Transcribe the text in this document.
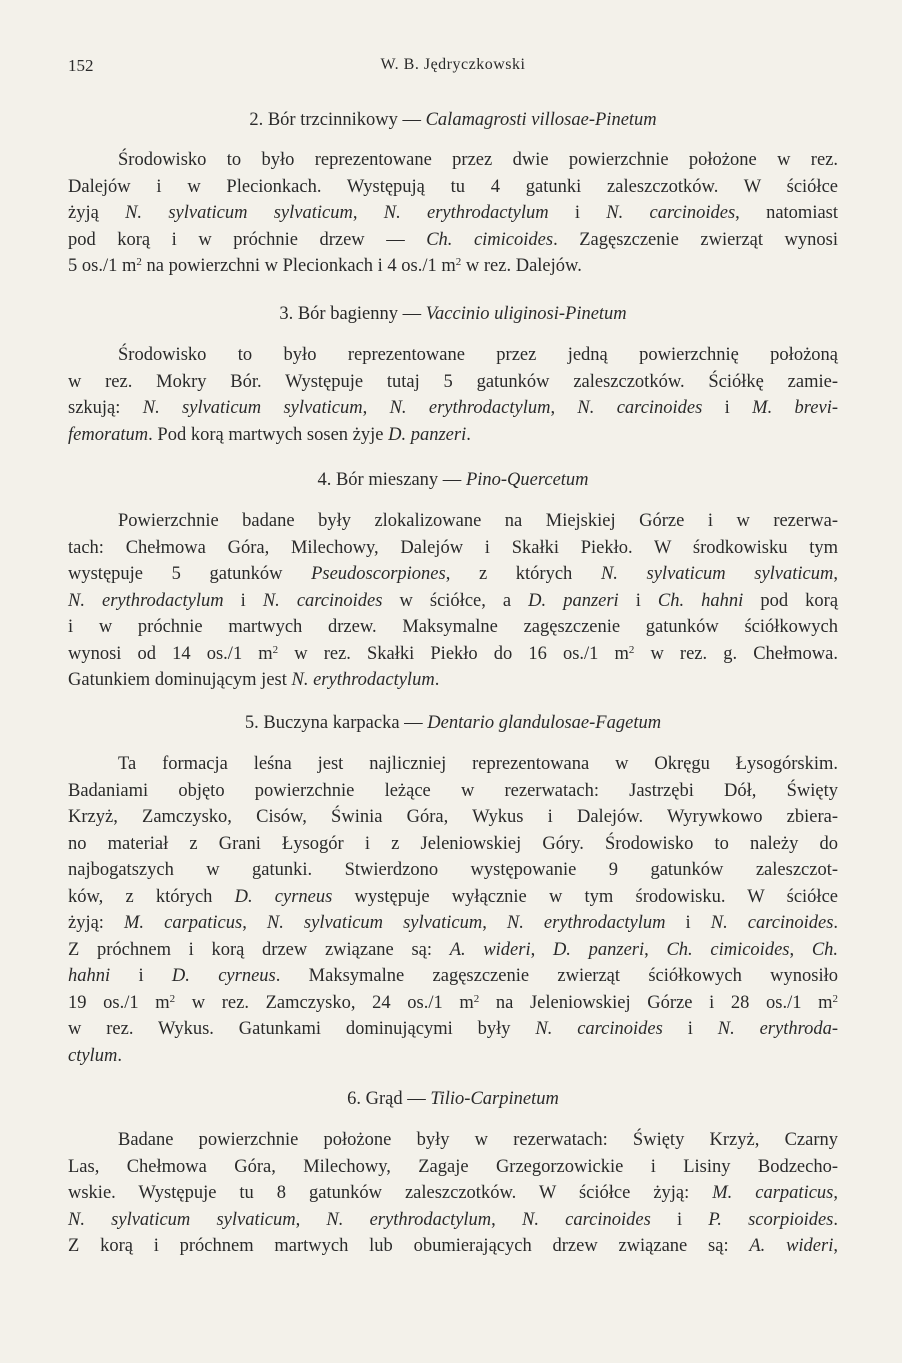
152	W. B. Jędryczkowski
2. Bór trzcinnikowy — Calamagrosti villosae-Pinetum
Środowisko to było reprezentowane przez dwie powierzchnie położone w rez.
Dalejów i w Plecionkach. Występują tu 4 gatunki zaleszczotków. W ściółce
żyją N. sylvaticum sylvaticum, N. erythrodactylum i N. carcinoides, natomiast
pod korą i w próchnie drzew — Ch. cimicoides. Zagęszczenie zwierząt wynosi
5 os./1 $m^2$ na powierzchni w Plecionkach i 4 os./1 $m^2$ w rez. Dalejów.
3. Bór bagienny — Vaccinio uliginosi-Pinetum
Środowisko to było reprezentowane przez jedną powierzchnię położoną
w rez. Mokry Bór. Występuje tutaj 5 gatunków zaleszczotków. Ściółkę zamie-
szkują: N. sylvaticum sylvaticum, N. erythrodactylum, N. carcinoides i M. brevi-
femoratum. Pod korą martwych sosen żyje D. panzeri.
4. Bór mieszany — Pino-Quercetum
Powierzchnie badane były zlokalizowane na Miejskiej Górze i w rezerwa-
tach: Chełmowa Góra, Milechowy, Dalejów i Skałki Piekło. W środkowisku tym
występuje 5 gatunków Pseudoscorpiones, z których N. sylvaticum sylvaticum,
N. erythrodactylum i N. carcinoides w ściółce, a D. panzeri i Ch. hahni pod korą
i w próchnie martwych drzew. Maksymalne zagęszczenie gatunków ściółkowych
wynosi od 14 os./1 $m^2$ w rez. Skałki Piekło do 16 os./1 $m^2$ w rez. g. Chełmowa.
Gatunkiem dominującym jest N. erythrodactylum.
5. Buczyna karpacka — Dentario glandulosae-Fagetum
Ta formacja leśna jest najliczniej reprezentowana w Okręgu Łysogórskim.
Badaniami objęto powierzchnie leżące w rezerwatach: Jastrzębi Dół, Święty
Krzyż, Zamczysko, Cisów, Świnia Góra, Wykus i Dalejów. Wyrywkowo zbiera-
no materiał z Grani Łysogór i z Jeleniowskiej Góry. Środowisko to należy do
najbogatszych w gatunki. Stwierdzono występowanie 9 gatunków zaleszczot-
ków, z których D. cyrneus występuje wyłącznie w tym środowisku. W ściółce
żyją: M. carpaticus, N. sylvaticum sylvaticum, N. erythrodactylum i N. carcinoides.
Z próchnem i korą drzew związane są: A. wideri, D. panzeri, Ch. cimicoides, Ch.
hahni i D. cyrneus. Maksymalne zagęszczenie zwierząt ściółkowych wynosiło
19 os./1 $m^2$ w rez. Zamczysko, 24 os./1 $m^2$ na Jeleniowskiej Górze i 28 os./1 $m^2$
w rez. Wykus. Gatunkami dominującymi były N. carcinoides i N. erythroda-
ctylum.
6. Grąd — Tilio-Carpinetum
Badane powierzchnie położone były w rezerwatach: Święty Krzyż, Czarny
Las, Chełmowa Góra, Milechowy, Zagaje Grzegorzowickie i Lisiny Bodzecho-
wskie. Występuje tu 8 gatunków zaleszczotków. W ściółce żyją: M. carpaticus,
N. sylvaticum sylvaticum, N. erythrodactylum, N. carcinoides i P. scorpioides.
Z korą i próchnem martwych lub obumierających drzew związane są: A. wideri,
